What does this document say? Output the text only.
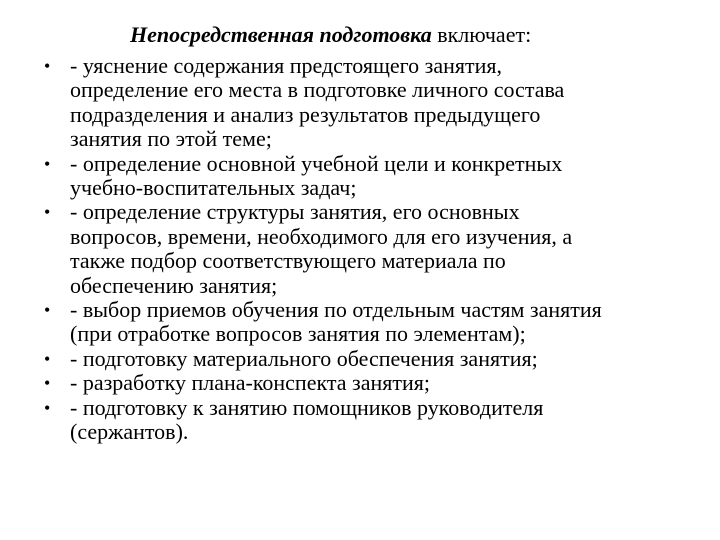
Непосредственная подготовка включает:
• - уяснение содержания предстоящего занятия,
определение его места в подготовке личного состава
подразделения и анализ результатов предыдущего
занятия по этой теме;
• - определение основной учебной цели и конкретных
учебно-воспитательных задач;
• - определение структуры занятия, его основных
вопросов, времени, необходимого для его изучения, а
также подбор соответствующего материала по
обеспечению занятия;
• - выбор приемов обучения по отдельным частям занятия
(при отработке вопросов занятия по элементам);
• - подготовку материального обеспечения занятия;
• - разработку плана-конспекта занятия;
• - подготовку к занятию помощников руководителя
(сержантов).
